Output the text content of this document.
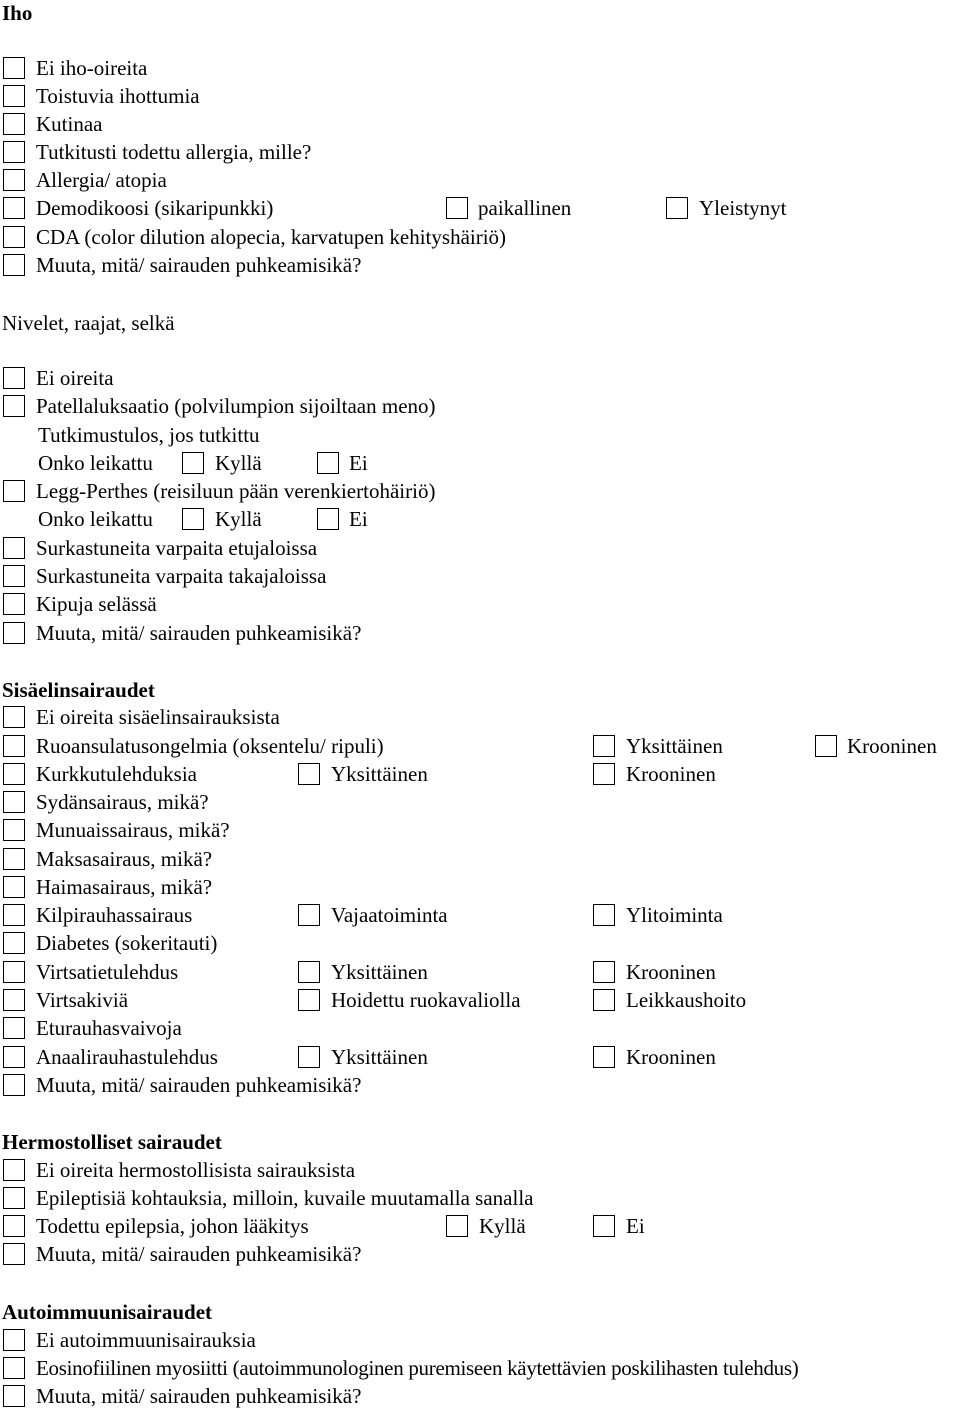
Iho
Ei iho-oireita
Toistuvia ihottumia
Kutinaa
Tutkitusti todettu allergia, mille?
Allergia/ atopia
Demodikoosi (sikaripunkki)	paikallinen	Yleistynyt
CDA (color dilution alopecia, karvatupen kehityshäiriö)
Muuta, mitä/ sairauden puhkeamisikä?
Nivelet, raajat, selkä
Ei oireita
Patellaluksaatio (polvilumpion sijoiltaan meno)
Tutkimustulos, jos tutkittu
Onko leikattu	Kyllä	Ei
Legg-Perthes (reisiluun pään verenkiertohäiriö)
Onko leikattu	Kyllä	Ei
Surkastuneita varpaita etujaloissa
Surkastuneita varpaita takajaloissa
Kipuja selässä
Muuta, mitä/ sairauden puhkeamisikä?
Sisäelinsairaudet
Ei oireita sisäelinsairauksista
Ruoansulatusongelmia (oksentelu/ ripuli)	Yksittäinen	Krooninen
Kurkkutulehduksia	Yksittäinen	Krooninen
Sydänsairaus, mikä?
Munuaissairaus, mikä?
Maksasairaus, mikä?
Haimasairaus, mikä?
Kilpirauhassairaus	Vajaatoiminta	Ylitoiminta
Diabetes (sokeritauti)
Virtsatietulehdus	Yksittäinen	Krooninen
Virtsakiviä	Hoidettu ruokavaliolla	Leikkaushoito
Eturauhasvaivoja
Anaalirauhastulehdus	Yksittäinen	Krooninen
Muuta, mitä/ sairauden puhkeamisikä?
Hermostolliset sairaudet
Ei oireita hermostollisista sairauksista
Epileptisiä kohtauksia, milloin, kuvaile muutamalla sanalla
Todettu epilepsia, johon lääkitys	Kyllä	Ei
Muuta, mitä/ sairauden puhkeamisikä?
Autoimmuunisairaudet
Ei autoimmuunisairauksia
Eosinofiilinen myosiitti (autoimmunologinen puremiseen käytettävien poskilihasten tulehdus)
Muuta, mitä/ sairauden puhkeamisikä?
